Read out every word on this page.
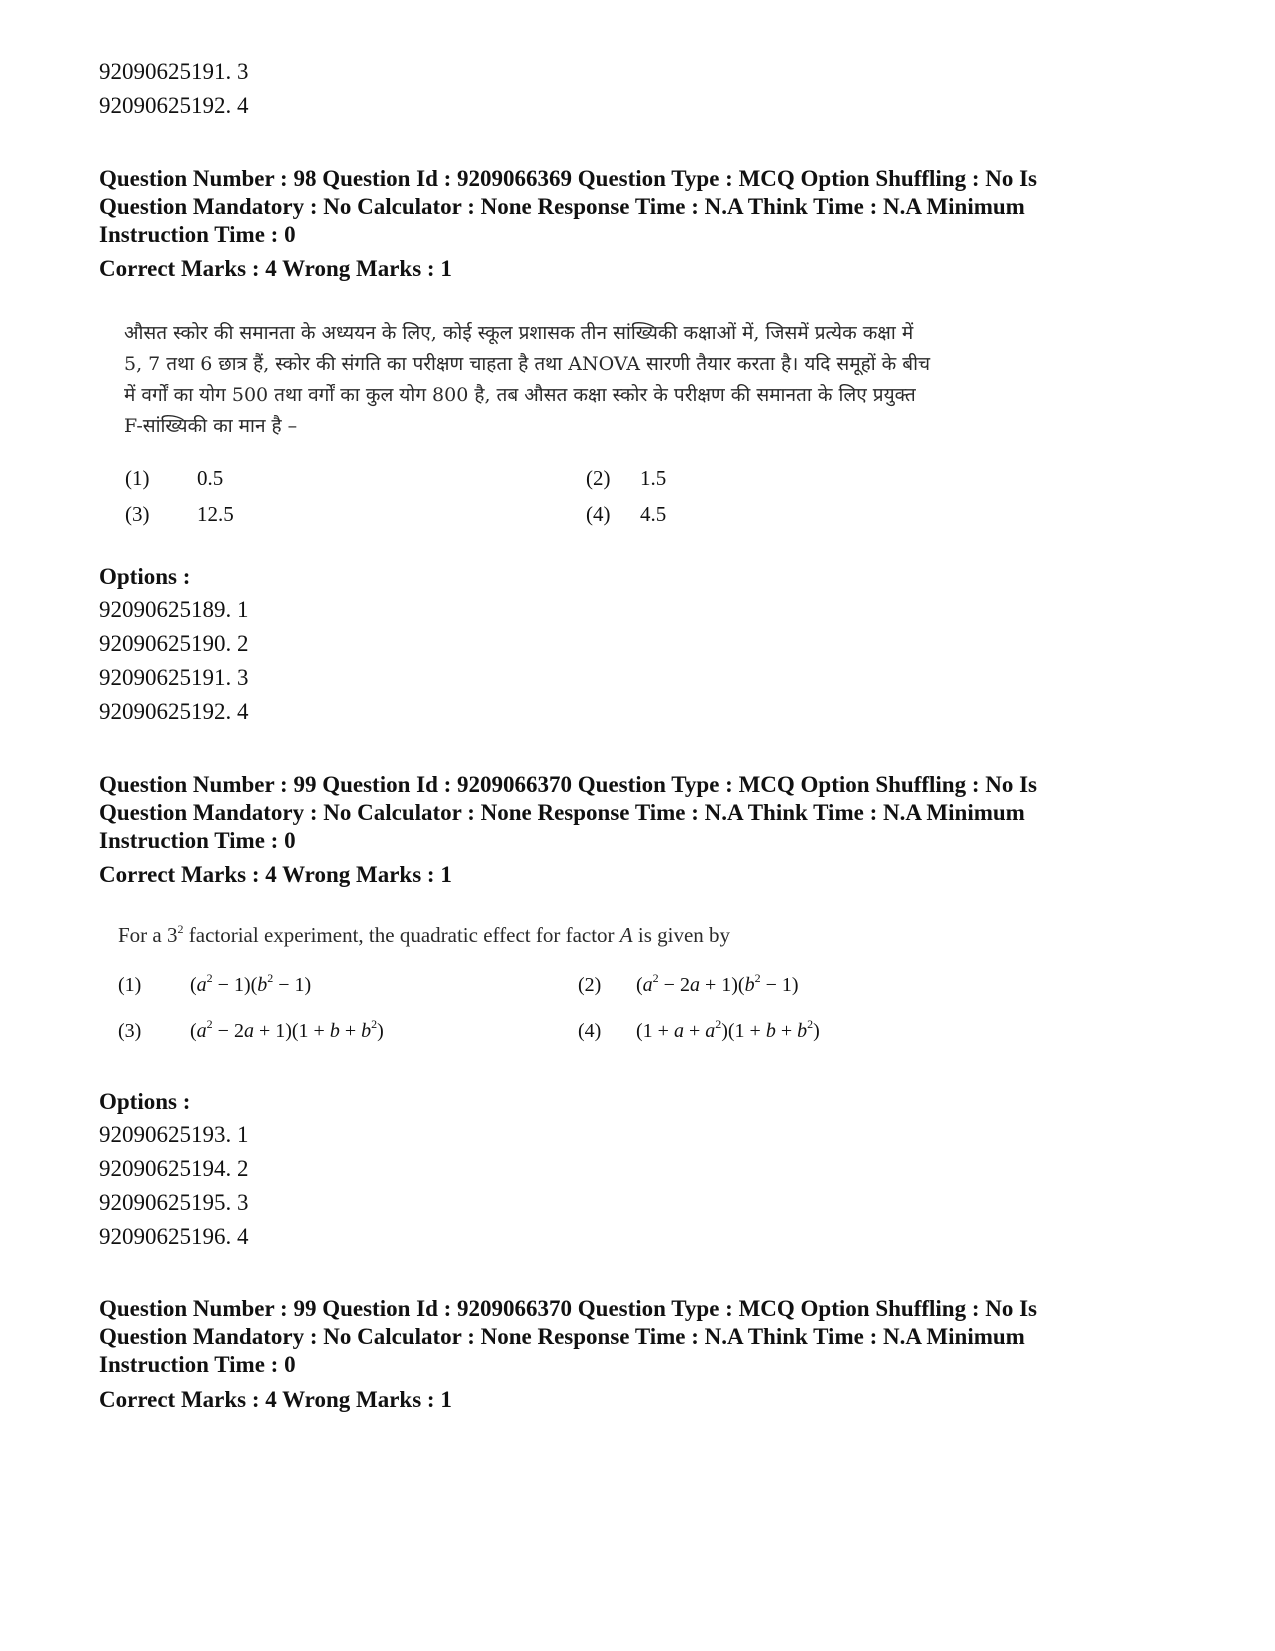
92090625191. 3
92090625192. 4
Question Number : 98 Question Id : 9209066369 Question Type : MCQ Option Shuffling : No Is
Question Mandatory : No Calculator : None Response Time : N.A Think Time : N.A Minimum
Instruction Time : 0
Correct Marks : 4 Wrong Marks : 1
औसत स्कोर की समानता के अध्ययन के लिए, कोई स्कूल प्रशासक तीन सांख्यिकी कक्षाओं में, जिसमें प्रत्येक कक्षा में
5, 7 तथा 6 छात्र हैं, स्कोर की संगति का परीक्षण चाहता है तथा ANOVA सारणी तैयार करता है। यदि समूहों के बीच
में वर्गों का योग 500 तथा वर्गों का कुल योग 800 है, तब औसत कक्षा स्कोर के परीक्षण की समानता के लिए प्रयुक्त
F-सांख्यिकी का मान है –
(1) 0.5	(2) 1.5
(3) 12.5	(4) 4.5
Options :
92090625189. 1
92090625190. 2
92090625191. 3
92090625192. 4
Question Number : 99 Question Id : 9209066370 Question Type : MCQ Option Shuffling : No Is
Question Mandatory : No Calculator : None Response Time : N.A Think Time : N.A Minimum
Instruction Time : 0
Correct Marks : 4 Wrong Marks : 1
For a $3^2$ factorial experiment, the quadratic effect for factor A is given by
(1) $(a^2 - 1)(b^2 - 1)$	(2) $(a^2 - 2a + 1)(b^2 - 1)$
(3) $(a^2 - 2a + 1)(1 + b + b^2)$	(4) $(1 + a + a^2)(1 + b + b^2)$
Options :
92090625193. 1
92090625194. 2
92090625195. 3
92090625196. 4
Question Number : 99 Question Id : 9209066370 Question Type : MCQ Option Shuffling : No Is
Question Mandatory : No Calculator : None Response Time : N.A Think Time : N.A Minimum
Instruction Time : 0
Correct Marks : 4 Wrong Marks : 1
